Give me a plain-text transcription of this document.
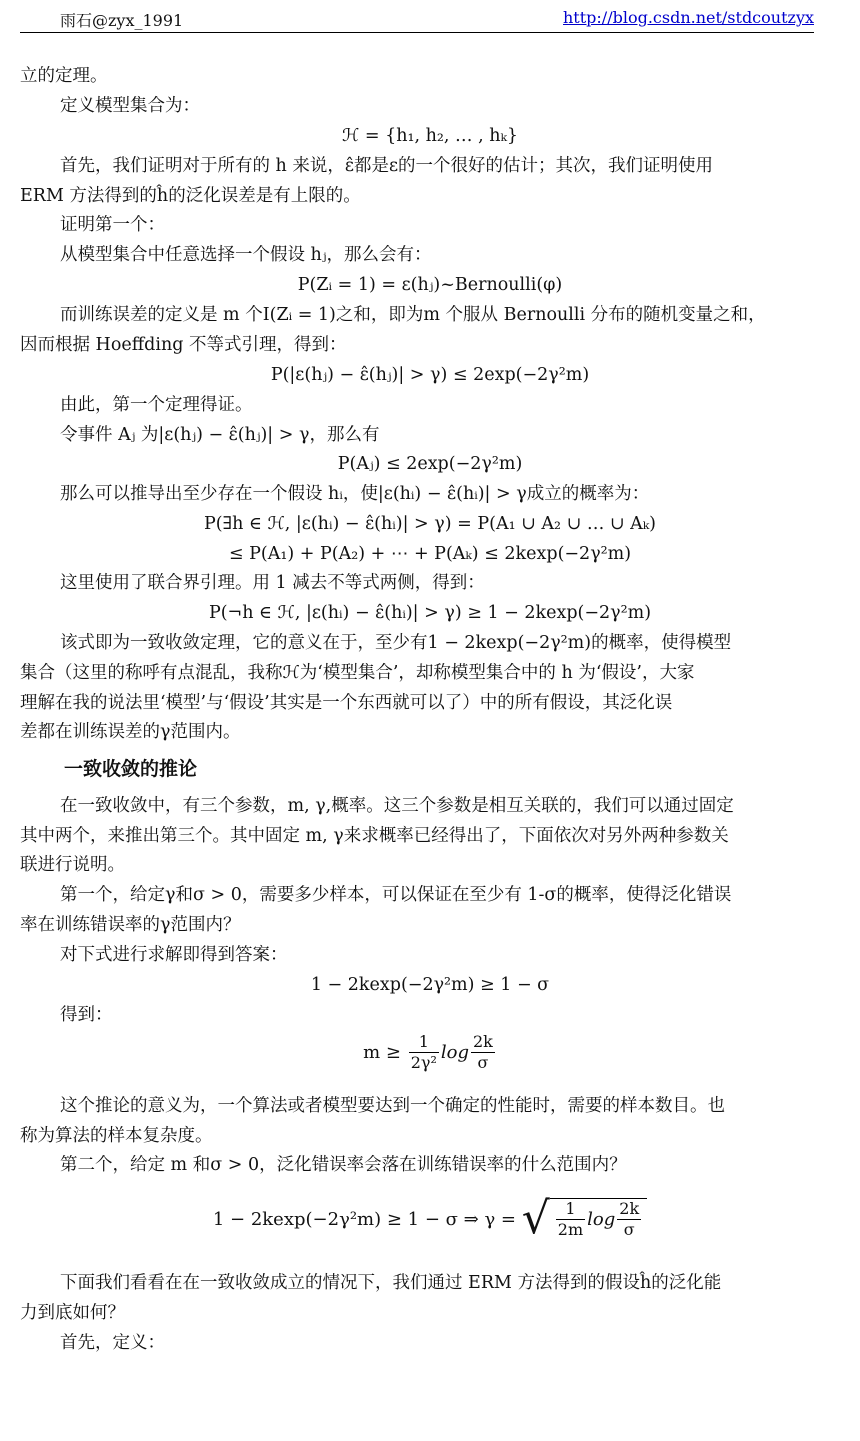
雨石@zyx_1991	http://blog.csdn.net/stdcoutzyx
立的定理。
定义模型集合为：
ℋ = {h₁, h₂, … , hₖ}
首先，我们证明对于所有的 h 来说，ε̂都是ε的一个很好的估计；其次，我们证明使用
ERM 方法得到的ĥ的泛化误差是有上限的。
证明第一个：
从模型集合中任意选择一个假设 hⱼ，那么会有：
P(Zᵢ = 1) = ε(hⱼ)~Bernoulli(φ)
而训练误差的定义是 m 个I(Zᵢ = 1)之和，即为m 个服从 Bernoulli 分布的随机变量之和，
因而根据 Hoeffding 不等式引理，得到：
P(|ε(hⱼ) − ε̂(hⱼ)| > γ) ≤ 2exp(−2γ²m)
由此，第一个定理得证。
令事件 Aⱼ 为|ε(hⱼ) − ε̂(hⱼ)| > γ，那么有
P(Aⱼ) ≤ 2exp(−2γ²m)
那么可以推导出至少存在一个假设 hᵢ，使|ε(hᵢ) − ε̂(hᵢ)| > γ成立的概率为：
P(∃h ∈ ℋ, |ε(hᵢ) − ε̂(hᵢ)| > γ) = P(A₁ ∪ A₂ ∪ … ∪ Aₖ)
≤ P(A₁) + P(A₂) + ⋯ + P(Aₖ) ≤ 2kexp(−2γ²m)
这里使用了联合界引理。用 1 减去不等式两侧，得到：
P(¬h ∈ ℋ, |ε(hᵢ) − ε̂(hᵢ)| > γ) ≥ 1 − 2kexp(−2γ²m)
该式即为一致收敛定理，它的意义在于，至少有1 − 2kexp(−2γ²m)的概率，使得模型
集合（这里的称呼有点混乱，我称ℋ为‘模型集合’，却称模型集合中的 h 为‘假设’，大家
理解在我的说法里‘模型’与‘假设’其实是一个东西就可以了）中的所有假设，其泛化误
差都在训练误差的γ范围内。
一致收敛的推论
在一致收敛中，有三个参数，m, γ,概率。这三个参数是相互关联的，我们可以通过固定
其中两个，来推出第三个。其中固定 m, γ来求概率已经得出了，下面依次对另外两种参数关
联进行说明。
第一个，给定γ和σ > 0，需要多少样本，可以保证在至少有 1-σ的概率，使得泛化错误
率在训练错误率的γ范围内？
对下式进行求解即得到答案：
1 − 2kexp(−2γ²m) ≥ 1 − σ
得到：
$m \ge \frac{1}{\text{2γ²}}$ $\log \frac{2k}{\sigma}$
这个推论的意义为，一个算法或者模型要达到一个确定的性能时，需要的样本数目。也
称为算法的样本复杂度。
第二个，给定 m 和σ > 0，泛化错误率会落在训练错误率的什么范围内？
1 − 2kexp(−2γ²m) ≥ 1 − σ ⇒ γ = √ $\frac{1}{2m}$ $\log \frac{2k}{\sigma}$
下面我们看看在在一致收敛成立的情况下，我们通过 ERM 方法得到的假设ĥ的泛化能
力到底如何？
首先，定义：
